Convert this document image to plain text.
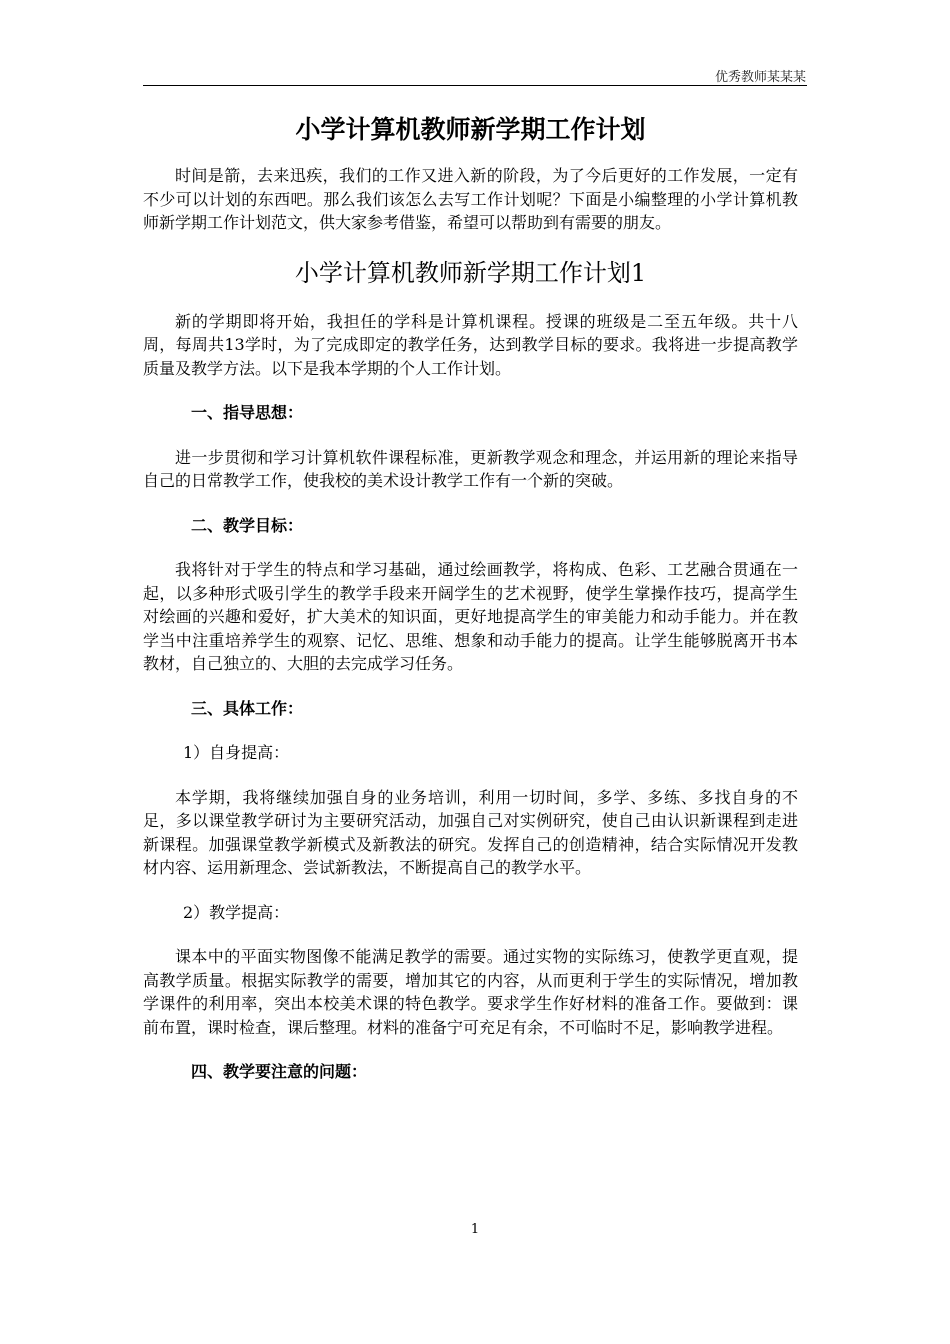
优秀教师某某某
小学计算机教师新学期工作计划

时间是箭，去来迅疾，我们的工作又进入新的阶段，为了今后更好的工作发展，一定有不少可以计划的东西吧。那么我们该怎么去写工作计划呢？下面是小编整理的小学计算机教师新学期工作计划范文，供大家参考借鉴，希望可以帮助到有需要的朋友。

小学计算机教师新学期工作计划1

新的学期即将开始，我担任的学科是计算机课程。授课的班级是二至五年级。共十八周，每周共13学时，为了完成即定的教学任务，达到教学目标的要求。我将进一步提高教学质量及教学方法。以下是我本学期的个人工作计划。

一、指导思想：

进一步贯彻和学习计算机软件课程标准，更新教学观念和理念，并运用新的理论来指导自己的日常教学工作，使我校的美术设计教学工作有一个新的突破。

二、教学目标：

我将针对于学生的特点和学习基础，通过绘画教学，将构成、色彩、工艺融合贯通在一起，以多种形式吸引学生的教学手段来开阔学生的艺术视野，使学生掌操作技巧，提高学生对绘画的兴趣和爱好，扩大美术的知识面，更好地提高学生的审美能力和动手能力。并在教学当中注重培养学生的观察、记忆、思维、想象和动手能力的提高。让学生能够脱离开书本教材，自己独立的、大胆的去完成学习任务。

三、具体工作：
1）自身提高：

本学期，我将继续加强自身的业务培训，利用一切时间，多学、多练、多找自身的不足，多以课堂教学研讨为主要研究活动，加强自己对实例研究，使自己由认识新课程到走进新课程。加强课堂教学新模式及新教法的研究。发挥自己的创造精神，结合实际情况开发教材内容、运用新理念、尝试新教法，不断提高自己的教学水平。

2）教学提高：

课本中的平面实物图像不能满足教学的需要。通过实物的实际练习，使教学更直观，提高教学质量。根据实际教学的需要，增加其它的内容，从而更利于学生的实际情况，增加教学课件的利用率，突出本校美术课的特色教学。要求学生作好材料的准备工作。要做到：课前布置，课时检查，课后整理。材料的准备宁可充足有余，不可临时不足，影响教学进程。

四、教学要注意的问题：
1
